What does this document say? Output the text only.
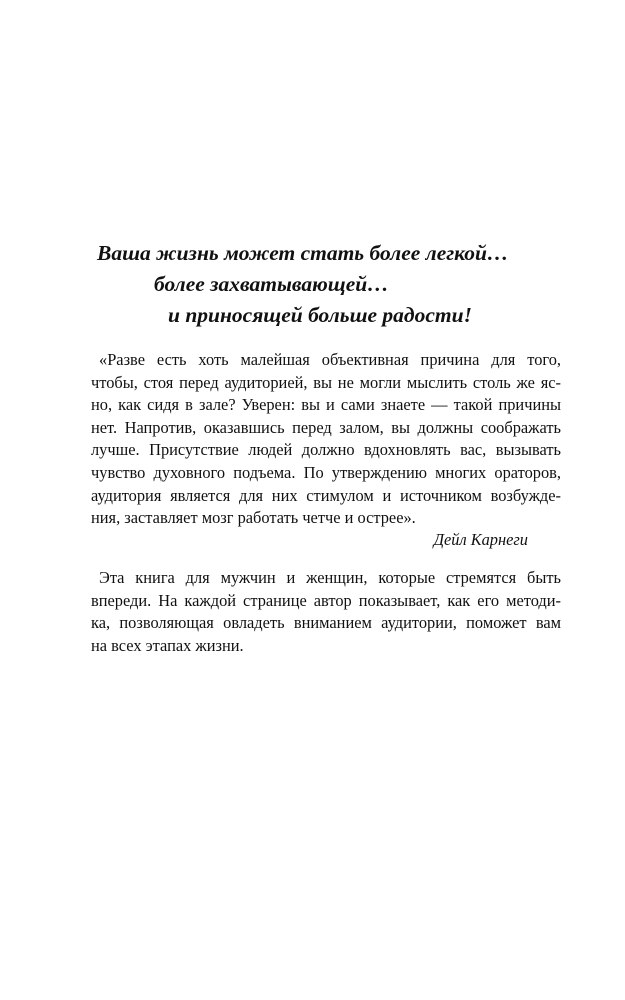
Ваша жизнь может стать более легкой…
более захватывающей…
и приносящей больше радости!
«Разве есть хоть малейшая объективная причина для того,
чтобы, стоя перед аудиторией, вы не могли мыслить столь же яс-
но, как сидя в зале? Уверен: вы и сами знаете — такой причины
нет. Напротив, оказавшись перед залом, вы должны соображать
лучше. Присутствие людей должно вдохновлять вас, вызывать
чувство духовного подъема. По утверждению многих ораторов,
аудитория является для них стимулом и источником возбужде-
ния, заставляет мозг работать четче и острее».
Дейл Карнеги
Эта книга для мужчин и женщин, которые стремятся быть
впереди. На каждой странице автор показывает, как его методи-
ка, позволяющая овладеть вниманием аудитории, поможет вам
на всех этапах жизни.
